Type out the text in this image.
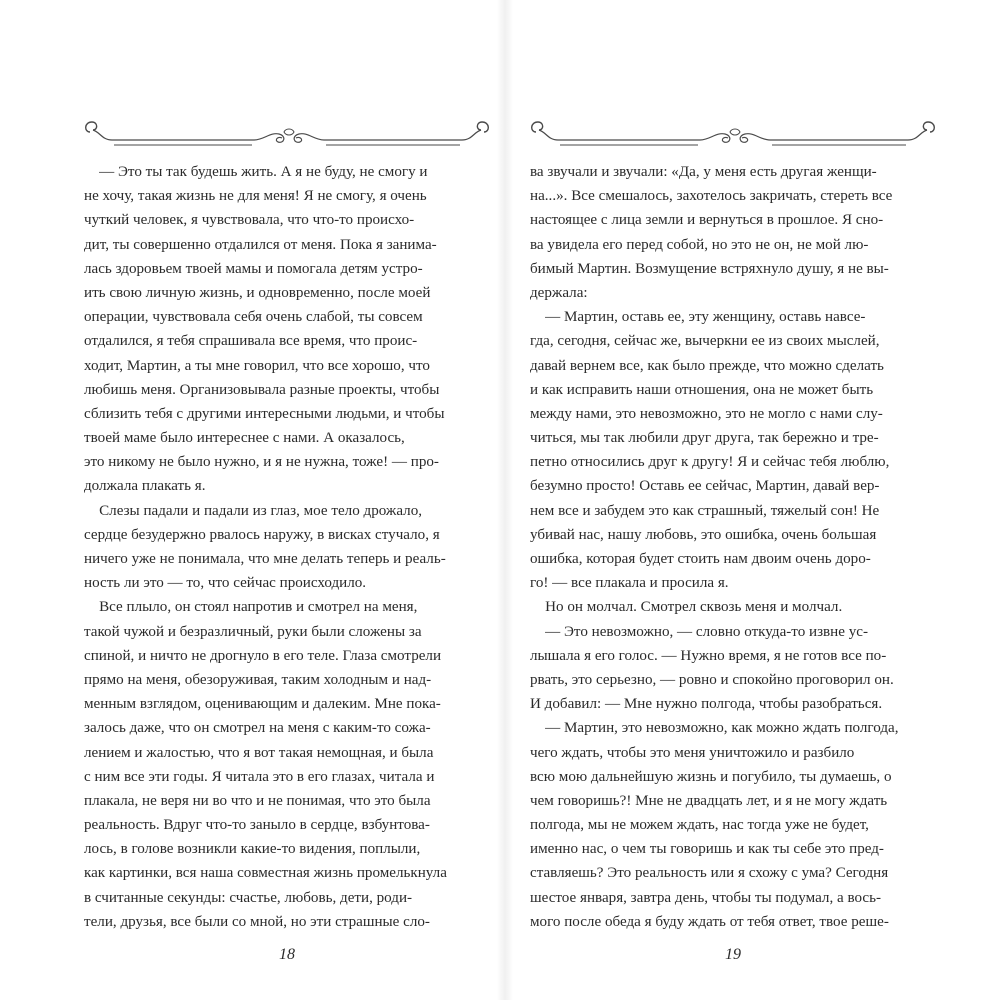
— Это ты так будешь жить. А я не буду, не смогу и
не хочу, такая жизнь не для меня! Я не смогу, я очень
чуткий человек, я чувствовала, что что-то происхо-
дит, ты совершенно отдалился от меня. Пока я занима-
лась здоровьем твоей мамы и помогала детям устро-
ить свою личную жизнь, и одновременно, после моей
операции, чувствовала себя очень слабой, ты совсем
отдалился, я тебя спрашивала все время, что проис-
ходит, Мартин, а ты мне говорил, что все хорошо, что
любишь меня. Организовывала разные проекты, чтобы
сблизить тебя с другими интересными людьми, и чтобы
твоей маме было интереснее с нами. А оказалось,
это никому не было нужно, и я не нужна, тоже! — про-
должала плакать я.
Слезы падали и падали из глаз, мое тело дрожало,
сердце безудержно рвалось наружу, в висках стучало, я
ничего уже не понимала, что мне делать теперь и реаль-
ность ли это — то, что сейчас происходило.
Все плыло, он стоял напротив и смотрел на меня,
такой чужой и безразличный, руки были сложены за
спиной, и ничто не дрогнуло в его теле. Глаза смотрели
прямо на меня, обезоруживая, таким холодным и над-
менным взглядом, оценивающим и далеким. Мне пока-
залось даже, что он смотрел на меня с каким-то сожа-
лением и жалостью, что я вот такая немощная, и была
с ним все эти годы. Я читала это в его глазах, читала и
плакала, не веря ни во что и не понимая, что это была
реальность. Вдруг что-то заныло в сердце, взбунтова-
лось, в голове возникли какие-то видения, поплыли,
как картинки, вся наша совместная жизнь промелькнула
в считанные секунды: счастье, любовь, дети, роди-
тели, друзья, все были со мной, но эти страшные сло-
18
ва звучали и звучали: «Да, у меня есть другая женщи-
на...». Все смешалось, захотелось закричать, стереть все
настоящее с лица земли и вернуться в прошлое. Я сно-
ва увидела его перед собой, но это не он, не мой лю-
бимый Мартин. Возмущение встряхнуло душу, я не вы-
держала:
— Мартин, оставь ее, эту женщину, оставь навсе-
гда, сегодня, сейчас же, вычеркни ее из своих мыслей,
давай вернем все, как было прежде, что можно сделать
и как исправить наши отношения, она не может быть
между нами, это невозможно, это не могло с нами слу-
читься, мы так любили друг друга, так бережно и тре-
петно относились друг к другу! Я и сейчас тебя люблю,
безумно просто! Оставь ее сейчас, Мартин, давай вер-
нем все и забудем это как страшный, тяжелый сон! Не
убивай нас, нашу любовь, это ошибка, очень большая
ошибка, которая будет стоить нам двоим очень доро-
го! — все плакала и просила я.
Но он молчал. Смотрел сквозь меня и молчал.
— Это невозможно, — словно откуда-то извне ус-
лышала я его голос. — Нужно время, я не готов все по-
рвать, это серьезно, — ровно и спокойно проговорил он.
И добавил: — Мне нужно полгода, чтобы разобраться.
— Мартин, это невозможно, как можно ждать полгода,
чего ждать, чтобы это меня уничтожило и разбило
всю мою дальнейшую жизнь и погубило, ты думаешь, о
чем говоришь?! Мне не двадцать лет, и я не могу ждать
полгода, мы не можем ждать, нас тогда уже не будет,
именно нас, о чем ты говоришь и как ты себе это пред-
ставляешь? Это реальность или я схожу с ума? Сегодня
шестое января, завтра день, чтобы ты подумал, а вось-
мого после обеда я буду ждать от тебя ответ, твое реше-
19
